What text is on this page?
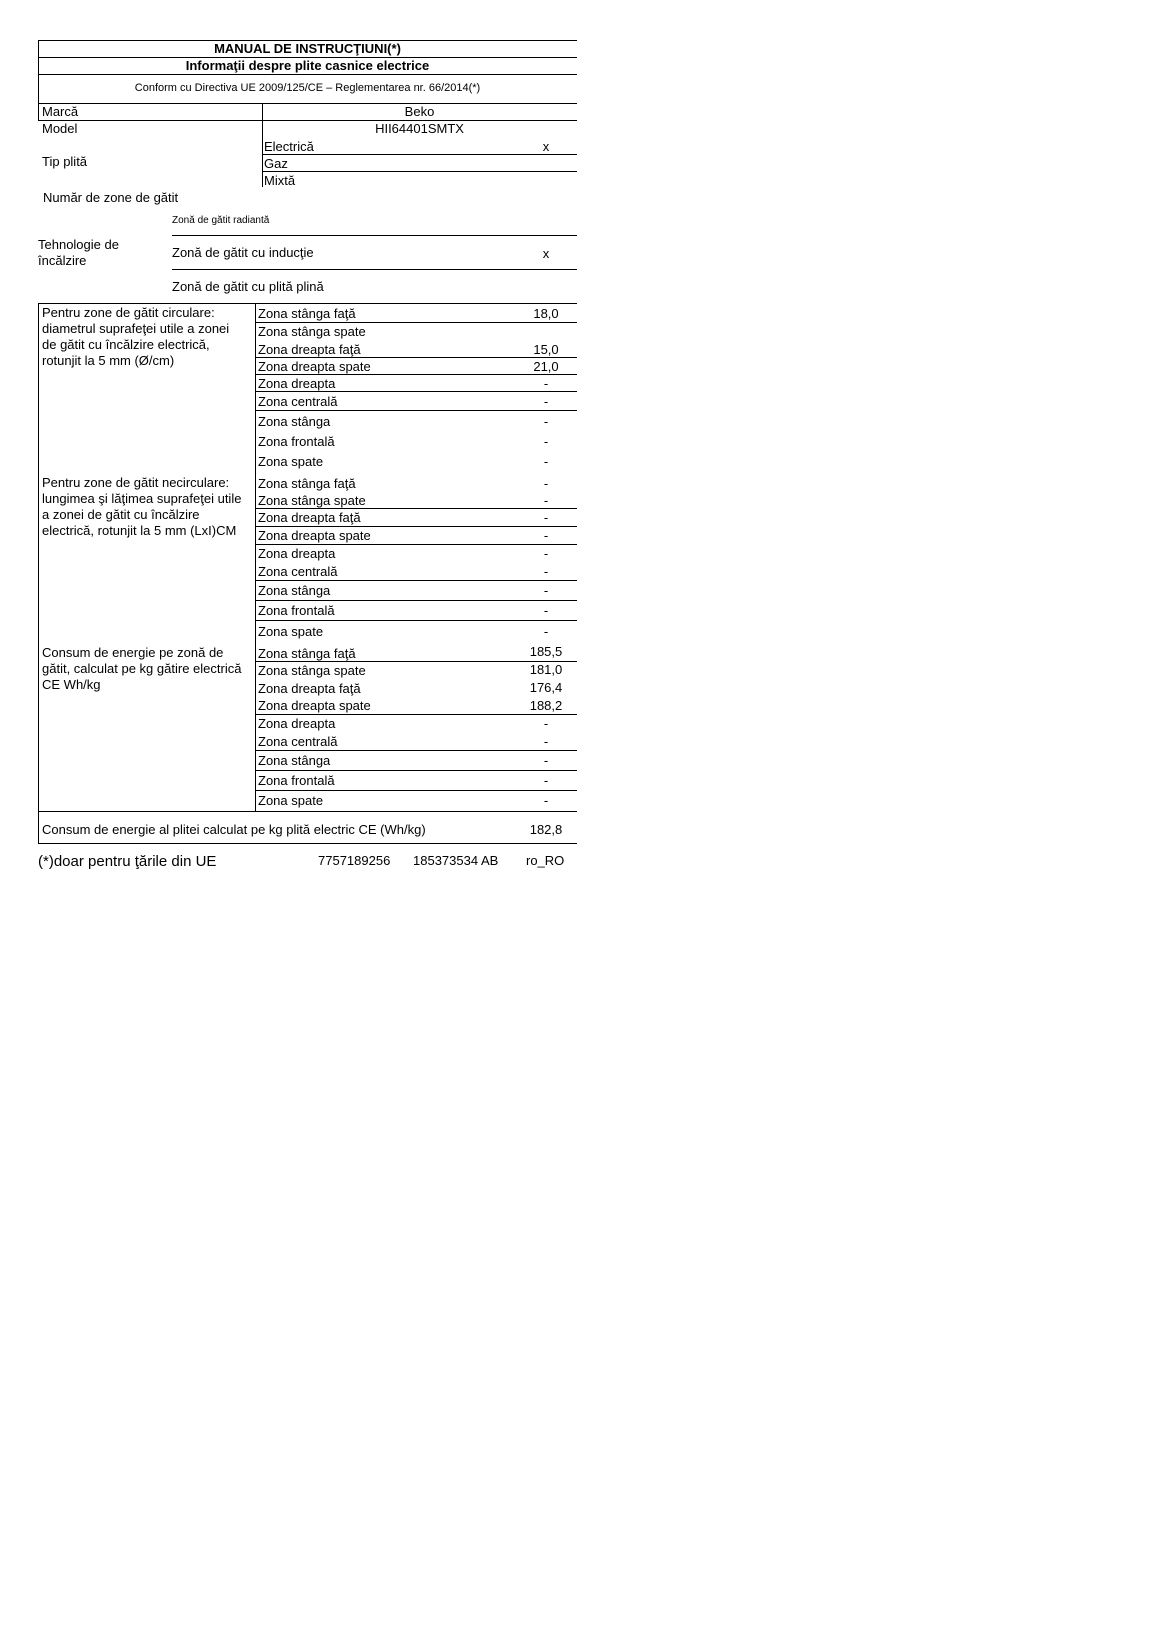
MANUAL DE INSTRUCŢIUNI(*)
Informaţii despre plite casnice electrice
Conform cu Directiva UE 2009/125/CE – Reglementarea nr. 66/2014(*)
Marcă	Beko
Model	HII64401SMTX
Tip plită
Electrică	x
Gaz
Mixtă
Număr de zone de gătit
Tehnologie de încălzire
Zonă de gătit radiantă
Zonă de gătit cu inducţie	x
Zonă de gătit cu plită plină
Pentru zone de gătit circulare: diametrul suprafeţei utile a zonei de gătit cu încălzire electrică, rotunjit la 5 mm (Ø/cm)
Zona stânga faţă	18,0
Zona stânga spate
Zona dreapta faţă	15,0
Zona dreapta spate	21,0
Zona dreapta	-
Zona centrală	-
Zona stânga	-
Zona frontală	-
Zona spate	-
Pentru zone de gătit necirculare: lungimea şi lăţimea suprafeţei utile a zonei de gătit cu încălzire electrică, rotunjit la 5 mm (LxI)CM
Zona stânga faţă	-
Zona stânga spate	-
Zona dreapta faţă	-
Zona dreapta spate	-
Zona dreapta	-
Zona centrală	-
Zona stânga	-
Zona frontală	-
Zona spate	-
Consum de energie pe zonă de gătit, calculat pe kg gătire electrică CE Wh/kg
Zona stânga faţă	185,5
Zona stânga spate	181,0
Zona dreapta faţă	176,4
Zona dreapta spate	188,2
Zona dreapta	-
Zona centrală	-
Zona stânga	-
Zona frontală	-
Zona spate	-
Consum de energie al plitei calculat pe kg plită electric CE (Wh/kg)	182,8
(*)doar pentru ţările din UE	7757189256 185373534 AB ro_RO
